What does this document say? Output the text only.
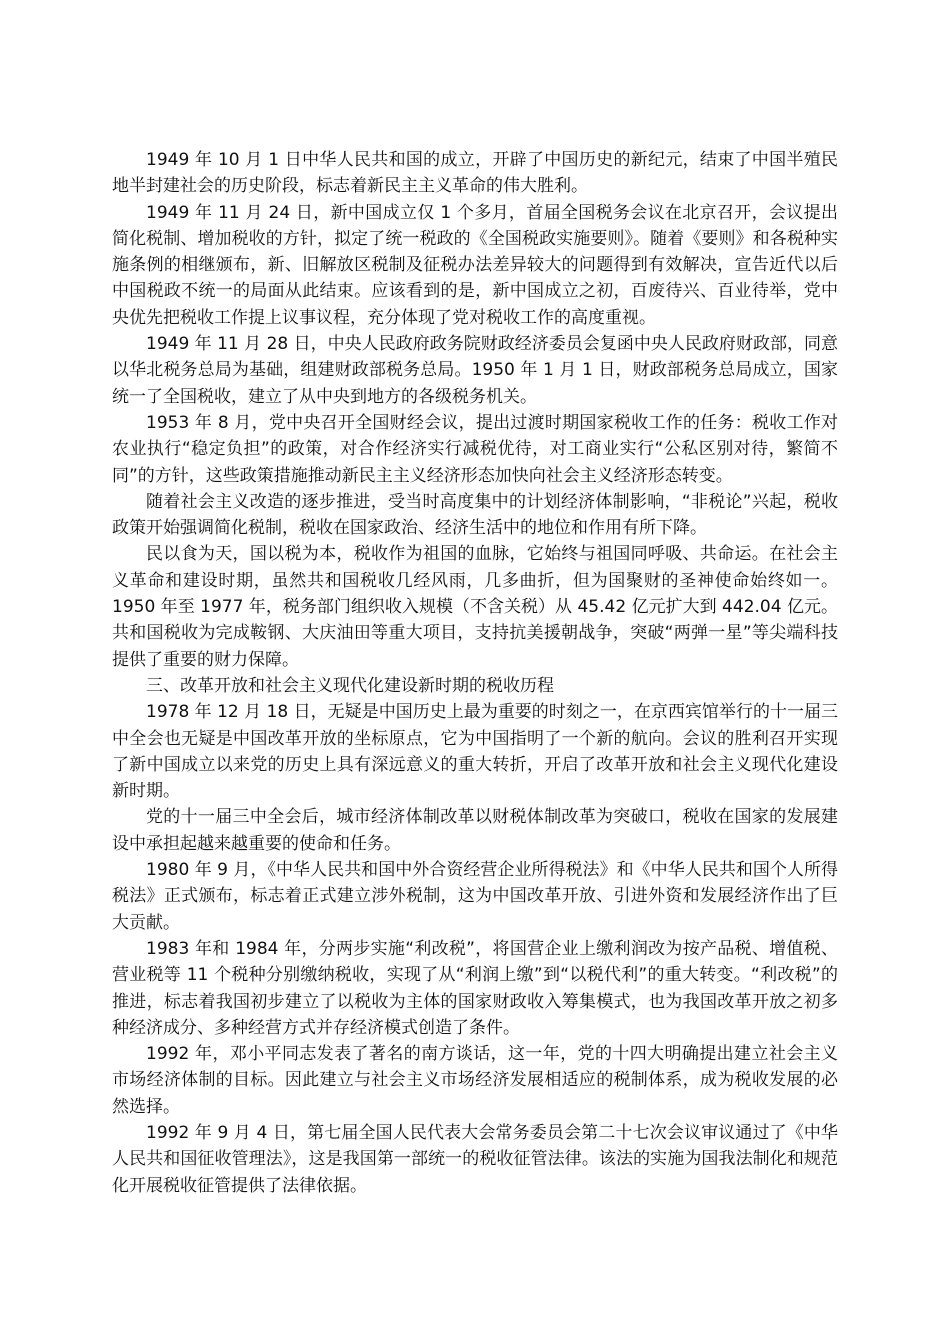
1949 年 10 月 1 日中华人民共和国的成立，开辟了中国历史的新纪元，结束了中国半殖民地半封建社会的历史阶段，标志着新民主主义革命的伟大胜利。

1949 年 11 月 24 日，新中国成立仅 1 个多月，首届全国税务会议在北京召开，会议提出简化税制、增加税收的方针，拟定了统一税政的《全国税政实施要则》。随着《要则》和各税种实施条例的相继颁布，新、旧解放区税制及征税办法差异较大的问题得到有效解决，宣告近代以后中国税政不统一的局面从此结束。应该看到的是，新中国成立之初，百废待兴、百业待举，党中央优先把税收工作提上议事议程，充分体现了党对税收工作的高度重视。

1949 年 11 月 28 日，中央人民政府政务院财政经济委员会复函中央人民政府财政部，同意以华北税务总局为基础，组建财政部税务总局。1950 年 1 月 1 日，财政部税务总局成立，国家统一了全国税收，建立了从中央到地方的各级税务机关。

1953 年 8 月，党中央召开全国财经会议，提出过渡时期国家税收工作的任务：税收工作对农业执行“稳定负担”的政策，对合作经济实行减税优待，对工商业实行“公私区别对待，繁简不同”的方针，这些政策措施推动新民主主义经济形态加快向社会主义经济形态转变。

随着社会主义改造的逐步推进，受当时高度集中的计划经济体制影响，“非税论”兴起，税收政策开始强调简化税制，税收在国家政治、经济生活中的地位和作用有所下降。

民以食为天，国以税为本，税收作为祖国的血脉，它始终与祖国同呼吸、共命运。在社会主义革命和建设时期，虽然共和国税收几经风雨，几多曲折，但为国聚财的圣神使命始终如一。1950 年至 1977 年，税务部门组织收入规模（不含关税）从 45.42 亿元扩大到 442.04 亿元。共和国税收为完成鞍钢、大庆油田等重大项目，支持抗美援朝战争，突破“两弹一星”等尖端科技提供了重要的财力保障。

三、改革开放和社会主义现代化建设新时期的税收历程

1978 年 12 月 18 日，无疑是中国历史上最为重要的时刻之一，在京西宾馆举行的十一届三中全会也无疑是中国改革开放的坐标原点，它为中国指明了一个新的航向。会议的胜利召开实现了新中国成立以来党的历史上具有深远意义的重大转折，开启了改革开放和社会主义现代化建设新时期。

党的十一届三中全会后，城市经济体制改革以财税体制改革为突破口，税收在国家的发展建设中承担起越来越重要的使命和任务。

1980 年 9 月，《中华人民共和国中外合资经营企业所得税法》和《中华人民共和国个人所得税法》正式颁布，标志着正式建立涉外税制，这为中国改革开放、引进外资和发展经济作出了巨大贡献。

1983 年和 1984 年，分两步实施“利改税”，将国营企业上缴利润改为按产品税、增值税、营业税等 11 个税种分别缴纳税收，实现了从“利润上缴”到“以税代利”的重大转变。“利改税”的推进，标志着我国初步建立了以税收为主体的国家财政收入筹集模式，也为我国改革开放之初多种经济成分、多种经营方式并存经济模式创造了条件。

1992 年，邓小平同志发表了著名的南方谈话，这一年，党的十四大明确提出建立社会主义市场经济体制的目标。因此建立与社会主义市场经济发展相适应的税制体系，成为税收发展的必然选择。

1992 年 9 月 4 日，第七届全国人民代表大会常务委员会第二十七次会议审议通过了《中华人民共和国征收管理法》，这是我国第一部统一的税收征管法律。该法的实施为国我法制化和规范化开展税收征管提供了法律依据。
